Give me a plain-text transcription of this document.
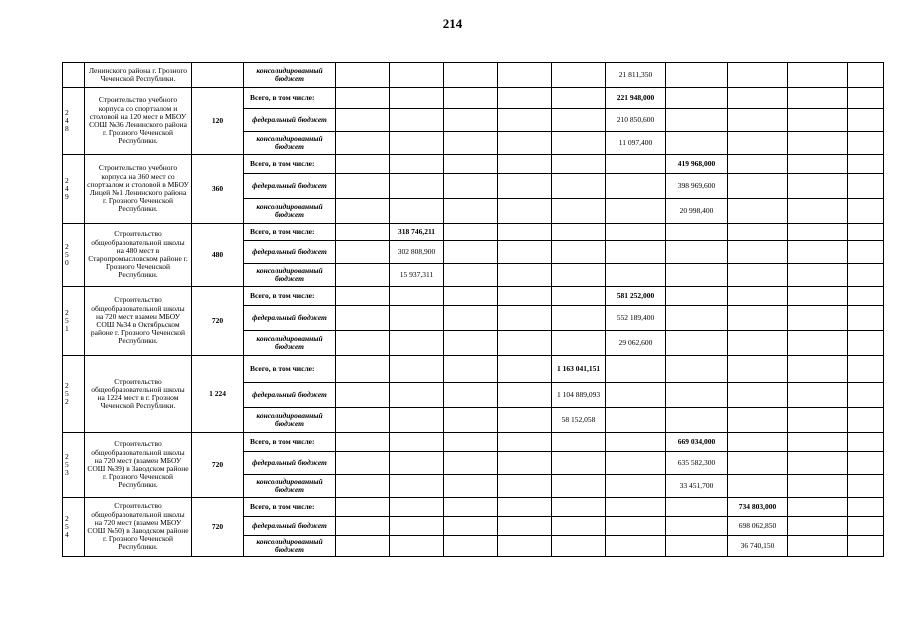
214
	Ленинского района г. Грозного Чеченской Республики.		консолидированный бюджет						21 811,350				
2
4
8	Строительство учебного корпуса со спортзалом и столовой на 120 мест в МБОУ СОШ №36 Ленинского района г. Грозного Чеченской Республики.	120	Всего, в том числе:						221 948,000				
			федеральный бюджет						210 850,600				
			консолидированный бюджет						11 097,400				
2
4
9	Строительство учебного корпуса на 360 мест со спортзалом и столовой в МБОУ Лицей №1 Ленинского района г. Грозного Чеченской Республики.	360	Всего, в том числе:							419 968,000			
			федеральный бюджет							398 969,600			
			консолидированный бюджет							20 998,400			
2
5
0	Строительство общеобразовательной школы на 480 мест в Старопромысловском районе г. Грозного Чеченской Республики.	480	Всего, в том числе:		318 746,211								
			федеральный бюджет		302 808,900								
			консолидированный бюджет		15 937,311								
2
5
1	Строительство общеобразовательной школы на 720 мест взамен МБОУ СОШ №34 в Октябрьском районе г. Грозного Чеченской Республики.	720	Всего, в том числе:						581 252,000				
			федеральный бюджет						552 189,400				
			консолидированный бюджет						29 062,600				
2
5
2	Строительство общеобразовательной школы на 1224 мест в г. Грозном Чеченской Республики.	1 224	Всего, в том числе:					1 163 041,151					
			федеральный бюджет					1 104 889,093					
			консолидированный бюджет					58 152,058					
2
5
3	Строительство общеобразовательной школы на 720 мест (взамен МБОУ СОШ №39) в Заводском районе г. Грозного Чеченской Республики.	720	Всего, в том числе:							669 034,000			
			федеральный бюджет							635 582,300			
			консолидированный бюджет							33 451,700			
2
5
4	Строительство общеобразовательной школы на 720 мест (взамен МБОУ СОШ №50) в Заводском районе г. Грозного Чеченской Республики.	720	Всего, в том числе:								734 803,000		
			федеральный бюджет								698 062,850		
			консолидированный бюджет								36 740,150		
